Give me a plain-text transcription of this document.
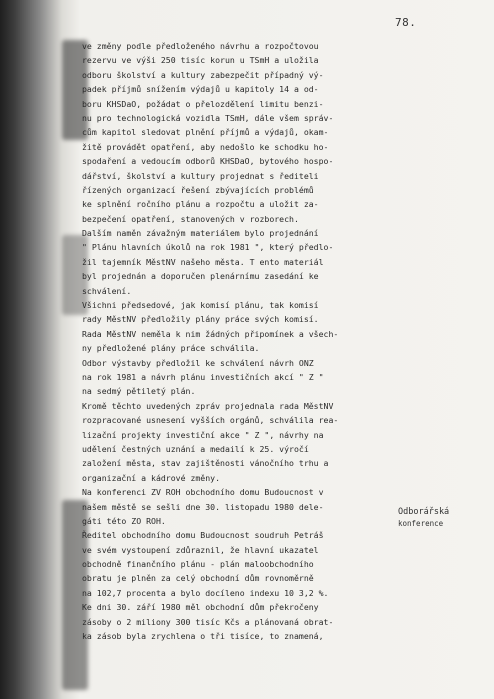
78.
ve změny podle předloženého návrhu a rozpočtovou
rezervu ve výši 250 tisíc korun u TSmH a uložila
odboru školství a kultury zabezpečit případný vý-
padek příjmů snížením výdajů u kapitoly 14 a od-
boru KHSDaO, požádat o přelozdělení limitu benzi-
nu pro technologická vozidla TSmH, dále všem správ-
cům kapitol sledovat plnění příjmů a výdajů, okam-
žitě provádět opatření, aby nedošlo ke schodku ho-
spodaření a vedoucím odborů KHSDaO, bytového hospo-
dářství, školství a kultury projednat s řediteli
řízených organizací řešení zbývajících problémů
ke splnění ročního plánu a rozpočtu a uložit za-
bezpečení opatření, stanovených v rozborech.
Dalším naměn závažným materiálem bylo projednání
" Plánu hlavních úkolů na rok 1981 ", který předlo-
žil tajemník MěstNV našeho města. T ento materiál
byl projednán a doporučen plenárnímu zasedání ke
schválení.
Všichni předsedové, jak komisí plánu, tak komisí
rady MěstNV předložily plány práce svých komisí.
Rada MěstNV neměla k nim žádných připomínek a všech-
ny předložené plány práce schválila.
Odbor výstavby předložil ke schválení návrh ONZ
na rok 1981 a návrh plánu investičních akcí " Z "
na sedmý pětiletý plán.
Kromě těchto uvedených zpráv projednala rada MěstNV
rozpracované usnesení vyšších orgánů, schválila rea-
lizační projekty investiční akce " Z ", návrhy na
udělení čestných uznání a medailí k 25. výročí
založení města, stav zajištěnosti vánočního trhu a
organizační a kádrové změny.
Na konferenci ZV ROH obchodního domu Budoucnost v
našem městě se sešli dne 30. listopadu 1980 dele-
gáti této ZO ROH.
Ředitel obchodního domu Budoucnost soudruh Petráš
ve svém vystoupení zdůraznil, že hlavní ukazatel
obchodně finančního plánu - plán maloobchodního
obratu je plněn za celý obchodní dům rovnoměrně
na 102,7 procenta a bylo docíleno indexu 10 3,2 %.
Ke dni 30. září 1980 měl obchodní dům překročeny
zásoby o 2 miliony 300 tisíc Kčs a plánovaná obrat-
ka zásob byla zrychlena o tři tisíce, to znamená,
Odborářská
konference
